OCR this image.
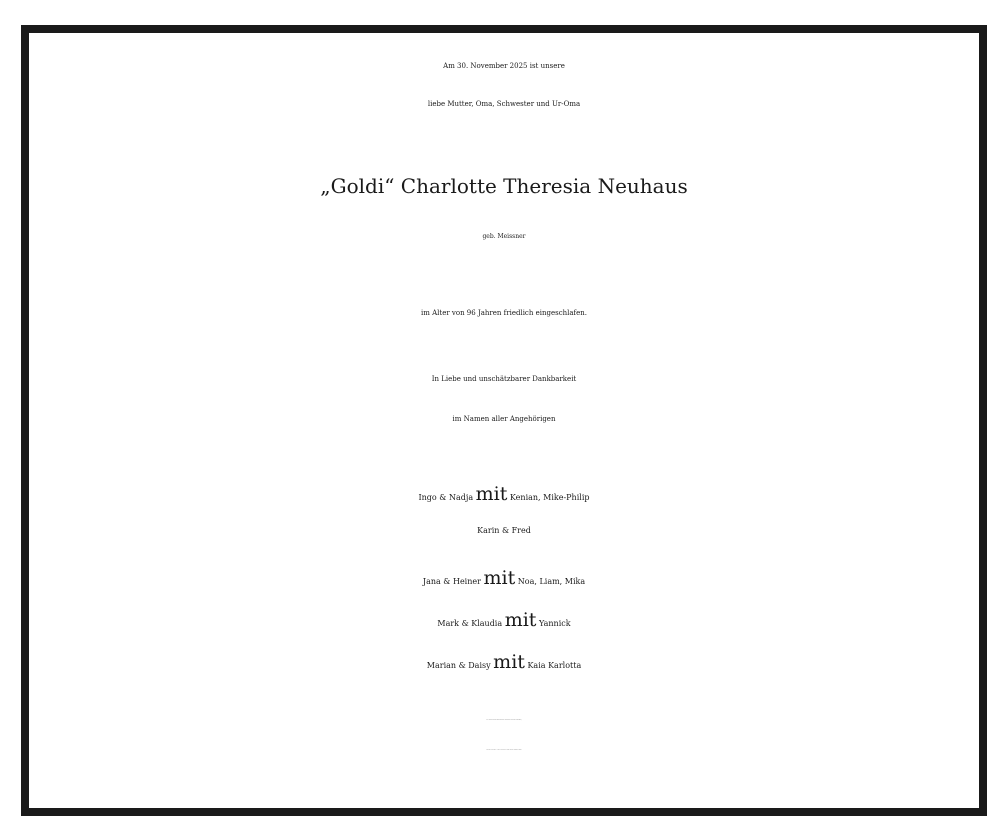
Am 30. November 2025 ist unsere
liebe Mutter, Oma, Schwester und Ur-Oma
„Goldi“ Charlotte Theresia Neuhaus
geb. Meissner
im Alter von 96 Jahren friedlich eingeschlafen.
In Liebe und unschätzbarer Dankbarkeit
im Namen aller Angehörigen
Ingo & Nadja mit Kenian, Mike-Philip
Karin & Fred
Jana & Heiner mit Noa, Liam, Mika
Mark & Klaudia mit Yannick
Marian & Daisy mit Kaia Karlotta
Die Trauerfeier mit anschließender Beisetzung findet am Donnerstag,
dem 18.12.25 um 14 Uhr in der Kapelle vom Friedhof Bramfeld statt.
